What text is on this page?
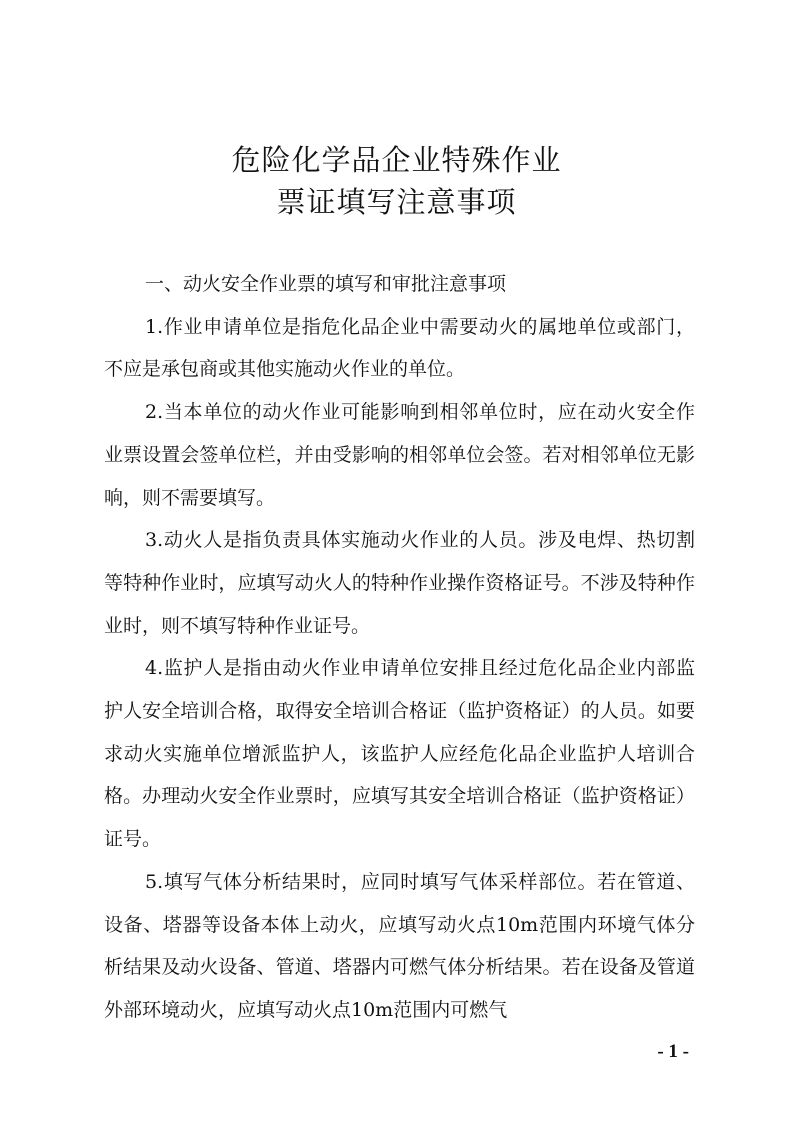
危险化学品企业特殊作业
票证填写注意事项

一、动火安全作业票的填写和审批注意事项

1.作业申请单位是指危化品企业中需要动火的属地单位或部门，不应是承包商或其他实施动火作业的单位。

2.当本单位的动火作业可能影响到相邻单位时，应在动火安全作业票设置会签单位栏，并由受影响的相邻单位会签。若对相邻单位无影响，则不需要填写。

3.动火人是指负责具体实施动火作业的人员。涉及电焊、热切割等特种作业时，应填写动火人的特种作业操作资格证号。不涉及特种作业时，则不填写特种作业证号。

4.监护人是指由动火作业申请单位安排且经过危化品企业内部监护人安全培训合格，取得安全培训合格证（监护资格证）的人员。如要求动火实施单位增派监护人，该监护人应经危化品企业监护人培训合格。办理动火安全作业票时，应填写其安全培训合格证（监护资格证）证号。

5.填写气体分析结果时，应同时填写气体采样部位。若在管道、设备、塔器等设备本体上动火，应填写动火点10m范围内环境气体分析结果及动火设备、管道、塔器内可燃气体分析结果。若在设备及管道外部环境动火，应填写动火点10m范围内可燃气

- 1 -
